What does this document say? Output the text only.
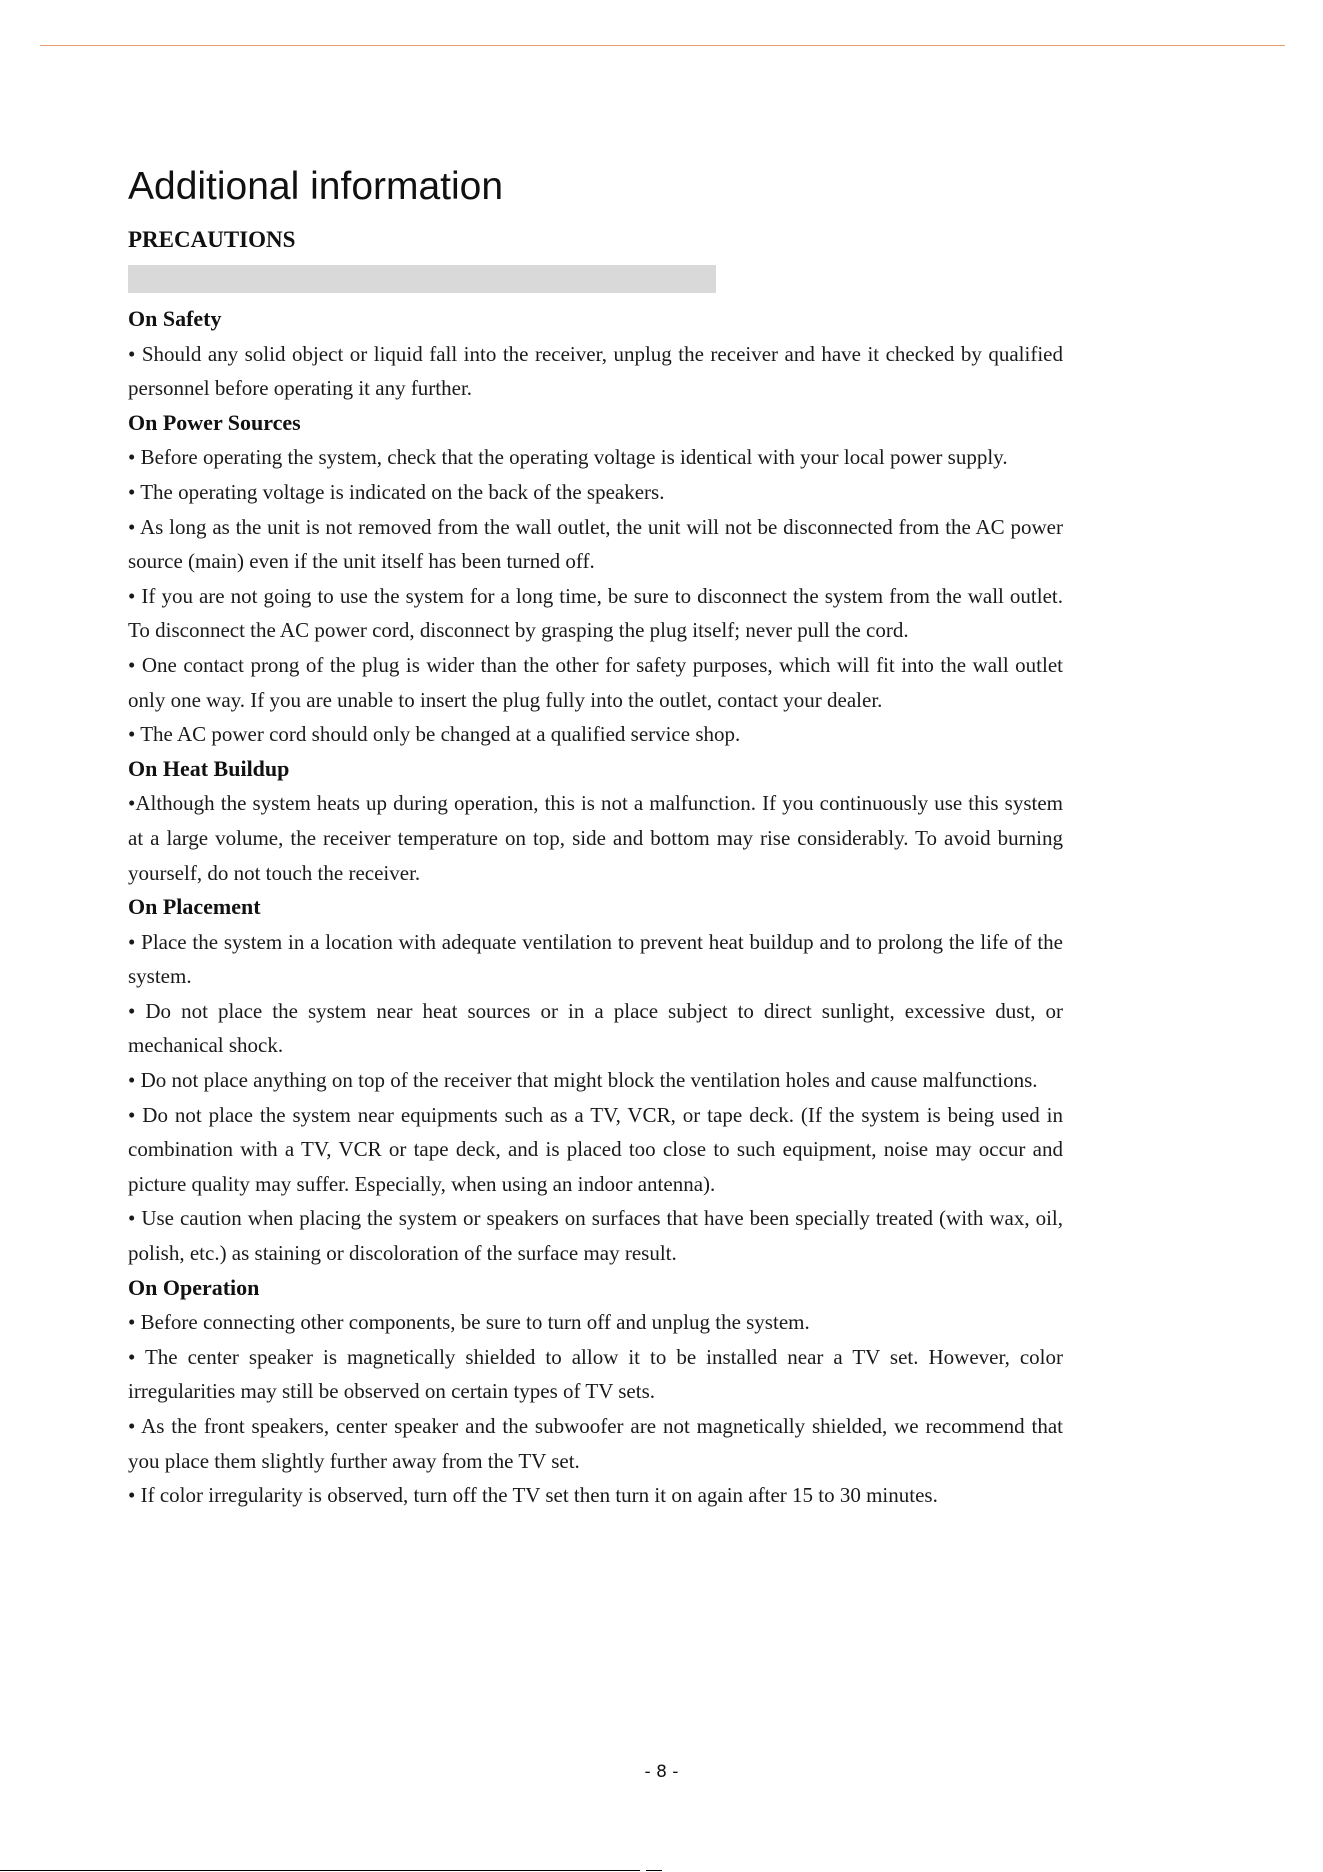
Additional information
PRECAUTIONS
On Safety
• Should any solid object or liquid fall into the receiver, unplug the receiver and have it checked by qualified personnel before operating it any further.
On Power Sources
• Before operating the system, check that the operating voltage is identical with your local power supply.
• The operating voltage is indicated on the back of the speakers.
• As long as the unit is not removed from the wall outlet, the unit will not be disconnected from the AC power source (main) even if the unit itself has been turned off.
• If you are not going to use the system for a long time, be sure to disconnect the system from the wall outlet. To disconnect the AC power cord, disconnect by grasping the plug itself; never pull the cord.
• One contact prong of the plug is wider than the other for safety purposes, which will fit into the wall outlet only one way. If you are unable to insert the plug fully into the outlet, contact your dealer.
• The AC power cord should only be changed at a qualified service shop.
On Heat Buildup
•Although the system heats up during operation, this is not a malfunction. If you continuously use this system at a large volume, the receiver temperature on top, side and bottom may rise considerably. To avoid burning yourself, do not touch the receiver.
On Placement
• Place the system in a location with adequate ventilation to prevent heat buildup and to prolong the life of the system.
• Do not place the system near heat sources or in a place subject to direct sunlight, excessive dust, or mechanical shock.
• Do not place anything on top of the receiver that might block the ventilation holes and cause malfunctions.
• Do not place the system near equipments such as a TV, VCR, or tape deck. (If the system is being used in combination with a TV, VCR or tape deck, and is placed too close to such equipment, noise may occur and picture quality may suffer. Especially, when using an indoor antenna).
• Use caution when placing the system or speakers on surfaces that have been specially treated (with wax, oil, polish, etc.) as staining or discoloration of the surface may result.
On Operation
• Before connecting other components, be sure to turn off and unplug the system.
• The center speaker is magnetically shielded to allow it to be installed near a TV set. However, color irregularities may still be observed on certain types of TV sets.
• As the front speakers, center speaker and the subwoofer are not magnetically shielded, we recommend that you place them slightly further away from the TV set.
• If color irregularity is observed, turn off the TV set then turn it on again after 15 to 30 minutes.
- 8 -
